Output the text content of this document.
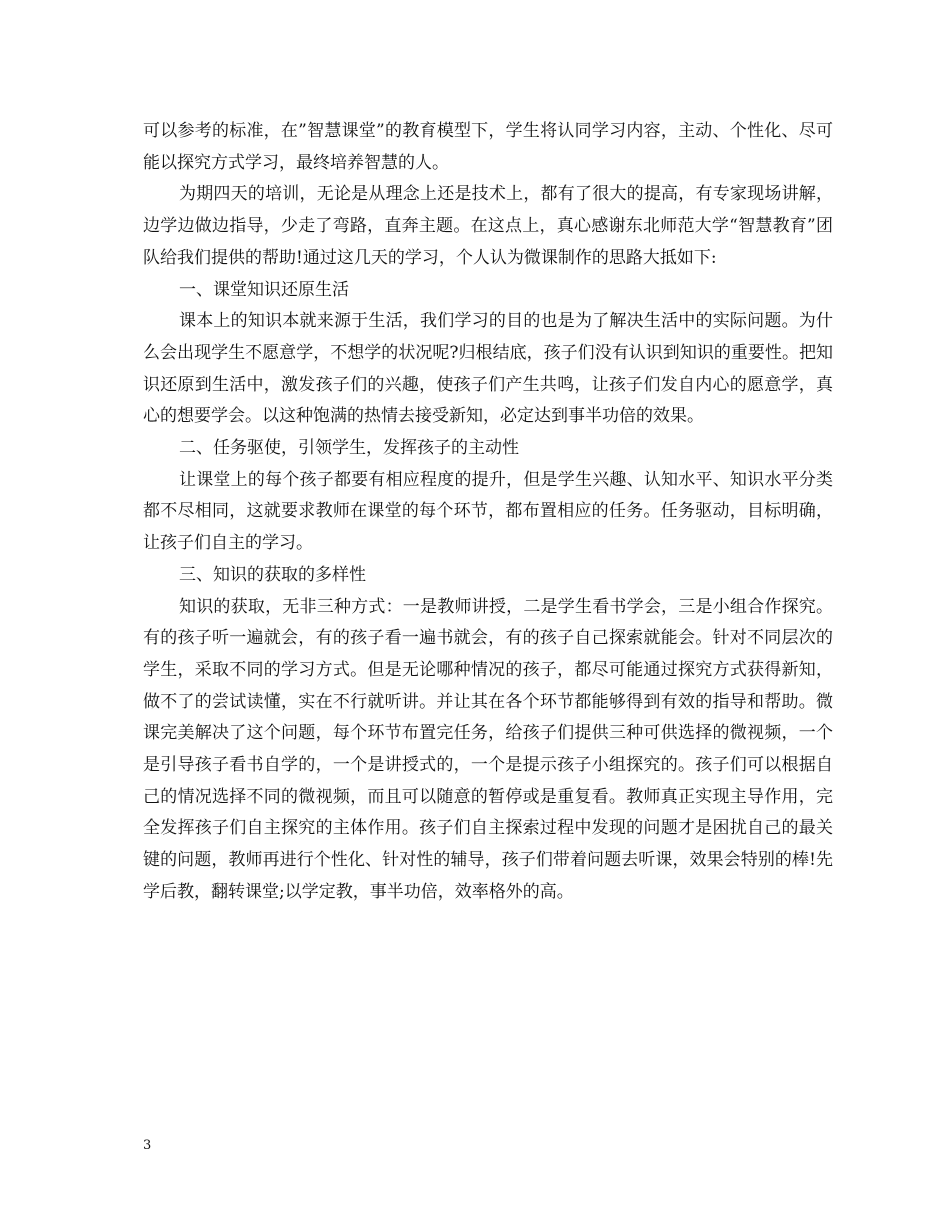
可以参考的标准，在”智慧课堂”的教育模型下，学生将认同学习内容，主动、个性化、尽可能以探究方式学习，最终培养智慧的人。

为期四天的培训，无论是从理念上还是技术上，都有了很大的提高，有专家现场讲解，边学边做边指导，少走了弯路，直奔主题。在这点上，真心感谢东北师范大学“智慧教育”团队给我们提供的帮助!通过这几天的学习，个人认为微课制作的思路大抵如下:

一、课堂知识还原生活

课本上的知识本就来源于生活，我们学习的目的也是为了解决生活中的实际问题。为什么会出现学生不愿意学，不想学的状况呢?归根结底，孩子们没有认识到知识的重要性。把知识还原到生活中，激发孩子们的兴趣，使孩子们产生共鸣，让孩子们发自内心的愿意学，真心的想要学会。以这种饱满的热情去接受新知，必定达到事半功倍的效果。

二、任务驱使，引领学生，发挥孩子的主动性

让课堂上的每个孩子都要有相应程度的提升，但是学生兴趣、认知水平、知识水平分类都不尽相同，这就要求教师在课堂的每个环节，都布置相应的任务。任务驱动，目标明确，让孩子们自主的学习。

三、知识的获取的多样性

知识的获取，无非三种方式：一是教师讲授，二是学生看书学会，三是小组合作探究。有的孩子听一遍就会，有的孩子看一遍书就会，有的孩子自己探索就能会。针对不同层次的学生，采取不同的学习方式。但是无论哪种情况的孩子，都尽可能通过探究方式获得新知，做不了的尝试读懂，实在不行就听讲。并让其在各个环节都能够得到有效的指导和帮助。微课完美解决了这个问题，每个环节布置完任务，给孩子们提供三种可供选择的微视频，一个是引导孩子看书自学的，一个是讲授式的，一个是提示孩子小组探究的。孩子们可以根据自己的情况选择不同的微视频，而且可以随意的暂停或是重复看。教师真正实现主导作用，完全发挥孩子们自主探究的主体作用。孩子们自主探索过程中发现的问题才是困扰自己的最关键的问题，教师再进行个性化、针对性的辅导，孩子们带着问题去听课，效果会特别的棒!先学后教，翻转课堂;以学定教，事半功倍，效率格外的高。

3
